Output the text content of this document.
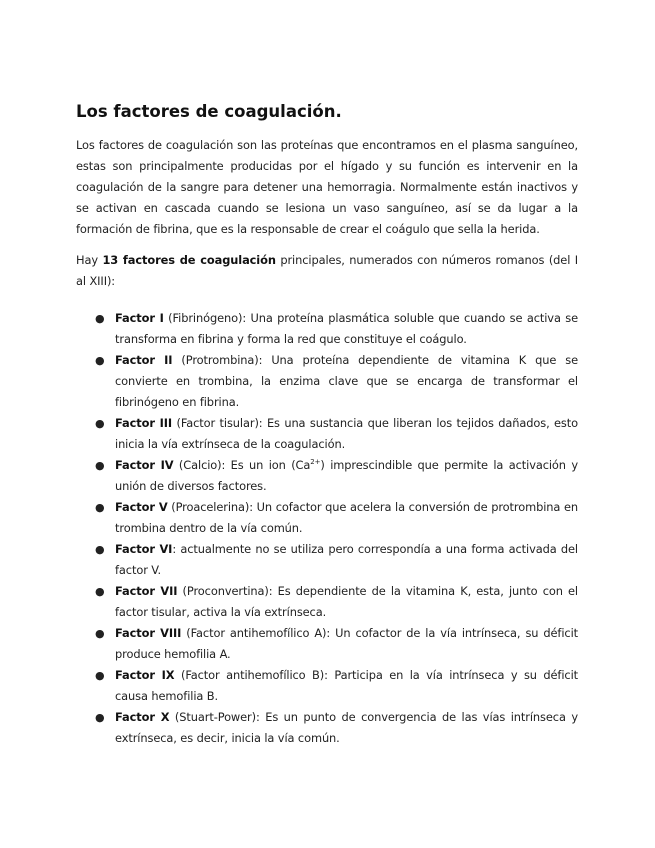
Los factores de coagulación.

Los factores de coagulación son las proteínas que encontramos en el plasma sanguíneo, estas son principalmente producidas por el hígado y su función es intervenir en la coagulación de la sangre para detener una hemorragia. Normalmente están inactivos y se activan en cascada cuando se lesiona un vaso sanguíneo, así se da lugar a la formación de fibrina, que es la responsable de crear el coágulo que sella la herida.

Hay 13 factores de coagulación principales, numerados con números romanos (del I al XIII):

● Factor I (Fibrinógeno): Una proteína plasmática soluble que cuando se activa se transforma en fibrina y forma la red que constituye el coágulo.
● Factor II (Protrombina): Una proteína dependiente de vitamina K que se convierte en trombina, la enzima clave que se encarga de transformar el fibrinógeno en fibrina.
● Factor III (Factor tisular): Es una sustancia que liberan los tejidos dañados, esto inicia la vía extrínseca de la coagulación.
● Factor IV (Calcio): Es un ion $(Ca^{2+})$ imprescindible que permite la activación y unión de diversos factores.
● Factor V (Proacelerina): Un cofactor que acelera la conversión de protrombina en trombina dentro de la vía común.
● Factor VI: actualmente no se utiliza pero correspondía a una forma activada del factor V.
● Factor VII (Proconvertina): Es dependiente de la vitamina K, esta, junto con el factor tisular, activa la vía extrínseca.
● Factor VIII (Factor antihemofílico A): Un cofactor de la vía intrínseca, su déficit produce hemofilia A.
● Factor IX (Factor antihemofílico B): Participa en la vía intrínseca y su déficit causa hemofilia B.
● Factor X (Stuart-Power): Es un punto de convergencia de las vías intrínseca y extrínseca, es decir, inicia la vía común.
